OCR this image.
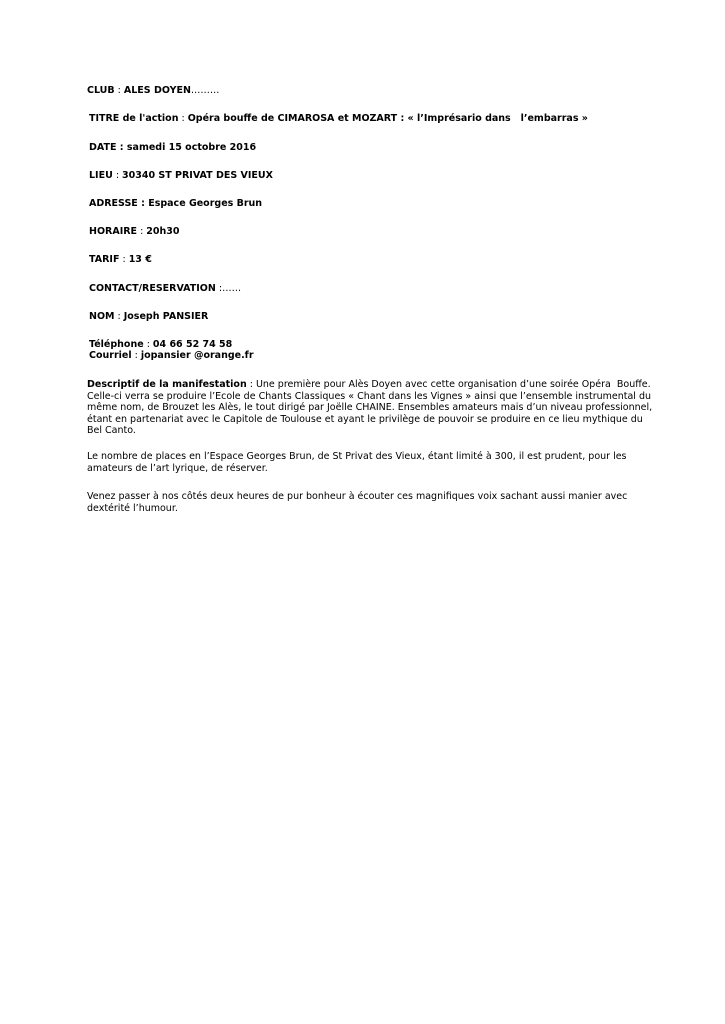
CLUB : ALES DOYEN………
TITRE de l'action : Opéra bouffe de CIMAROSA et MOZART : « l’Imprésario dans   l’embarras »
DATE : samedi 15 octobre 2016
LIEU : 30340 ST PRIVAT DES VIEUX
ADRESSE : Espace Georges Brun
HORAIRE : 20h30
TARIF : 13 €
CONTACT/RESERVATION :……
NOM : Joseph PANSIER
Téléphone : 04 66 52 74 58
Courriel : jopansier @orange.fr
Descriptif de la manifestation : Une première pour Alès Doyen avec cette organisation d’une soirée Opéra  Bouffe.
Celle-ci verra se produire l’Ecole de Chants Classiques « Chant dans les Vignes » ainsi que l’ensemble instrumental du
même nom, de Brouzet les Alès, le tout dirigé par Joëlle CHAINE. Ensembles amateurs mais d’un niveau professionnel,
étant en partenariat avec le Capitole de Toulouse et ayant le privilège de pouvoir se produire en ce lieu mythique du
Bel Canto.
Le nombre de places en l’Espace Georges Brun, de St Privat des Vieux, étant limité à 300, il est prudent, pour les
amateurs de l’art lyrique, de réserver.
Venez passer à nos côtés deux heures de pur bonheur à écouter ces magnifiques voix sachant aussi manier avec
dextérité l’humour.
